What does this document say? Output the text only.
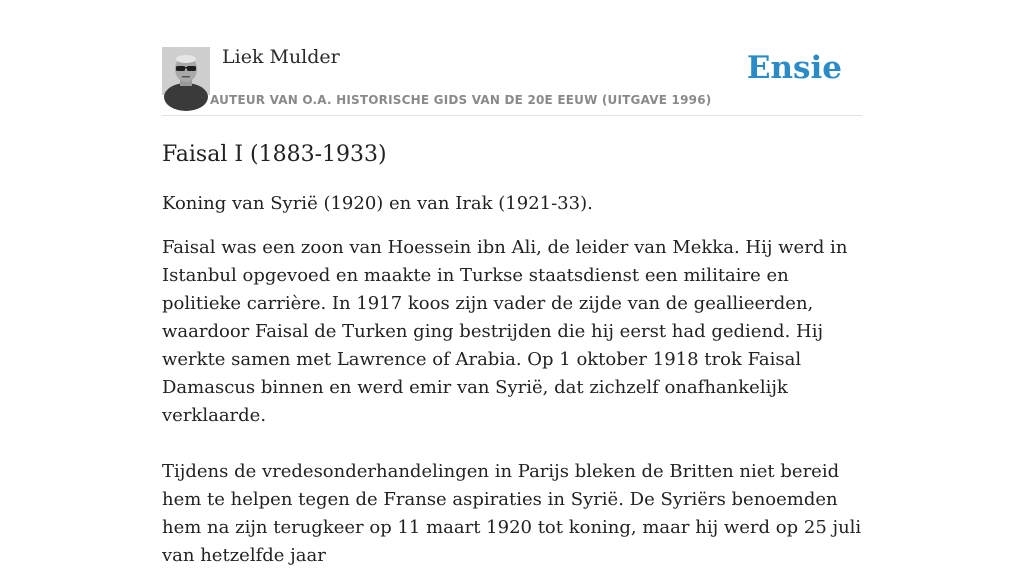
Liek Mulder
AUTEUR VAN O.A. HISTORISCHE GIDS VAN DE 20E EEUW (UITGAVE 1996)
Ensie
Faisal I (1883-1933)

Koning van Syrië (1920) en van Irak (1921-33).

Faisal was een zoon van Hoessein ibn Ali, de leider van Mekka. Hij werd in Istanbul opgevoed en maakte in Turkse staatsdienst een militaire en politieke carrière. In 1917 koos zijn vader de zijde van de geallieerden, waardoor Faisal de Turken ging bestrijden die hij eerst had gediend. Hij werkte samen met Lawrence of Arabia. Op 1 oktober 1918 trok Faisal Damascus binnen en werd emir van Syrië, dat zichzelf onafhankelijk verklaarde.

Tijdens de vredesonderhandelingen in Parijs bleken de Britten niet bereid hem te helpen tegen de Franse aspiraties in Syrië. De Syriërs benoemden hem na zijn terugkeer op 11 maart 1920 tot koning, maar hij werd op 25 juli van hetzelfde jaar
